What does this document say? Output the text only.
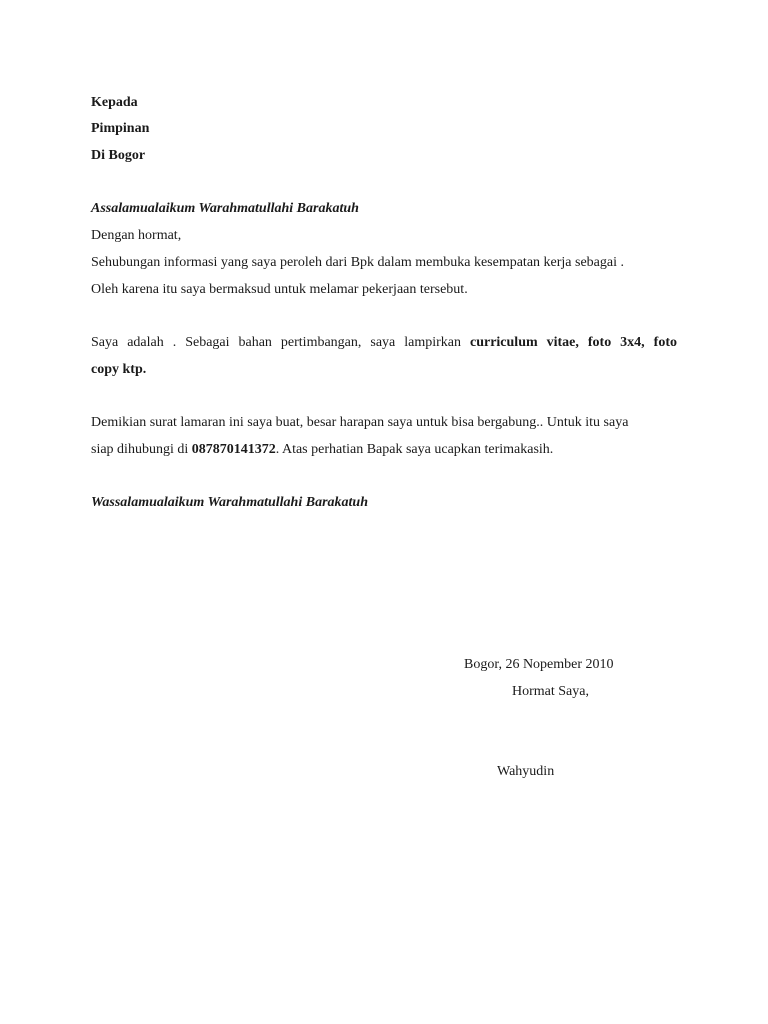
Kepada
Pimpinan
Di Bogor
Assalamualaikum Warahmatullahi Barakatuh
Dengan hormat,
Sehubungan informasi yang saya peroleh dari Bpk dalam membuka kesempatan kerja sebagai .
Oleh karena itu saya bermaksud untuk melamar pekerjaan tersebut.
Saya adalah . Sebagai bahan pertimbangan, saya lampirkan curriculum vitae, foto 3x4, foto
copy ktp.
Demikian surat lamaran ini saya buat, besar harapan saya untuk bisa bergabung.. Untuk itu saya
siap dihubungi di 087870141372. Atas perhatian Bapak saya ucapkan terimakasih.
Wassalamualaikum Warahmatullahi Barakatuh
Bogor, 26 Nopember 2010
Hormat Saya,
Wahyudin
